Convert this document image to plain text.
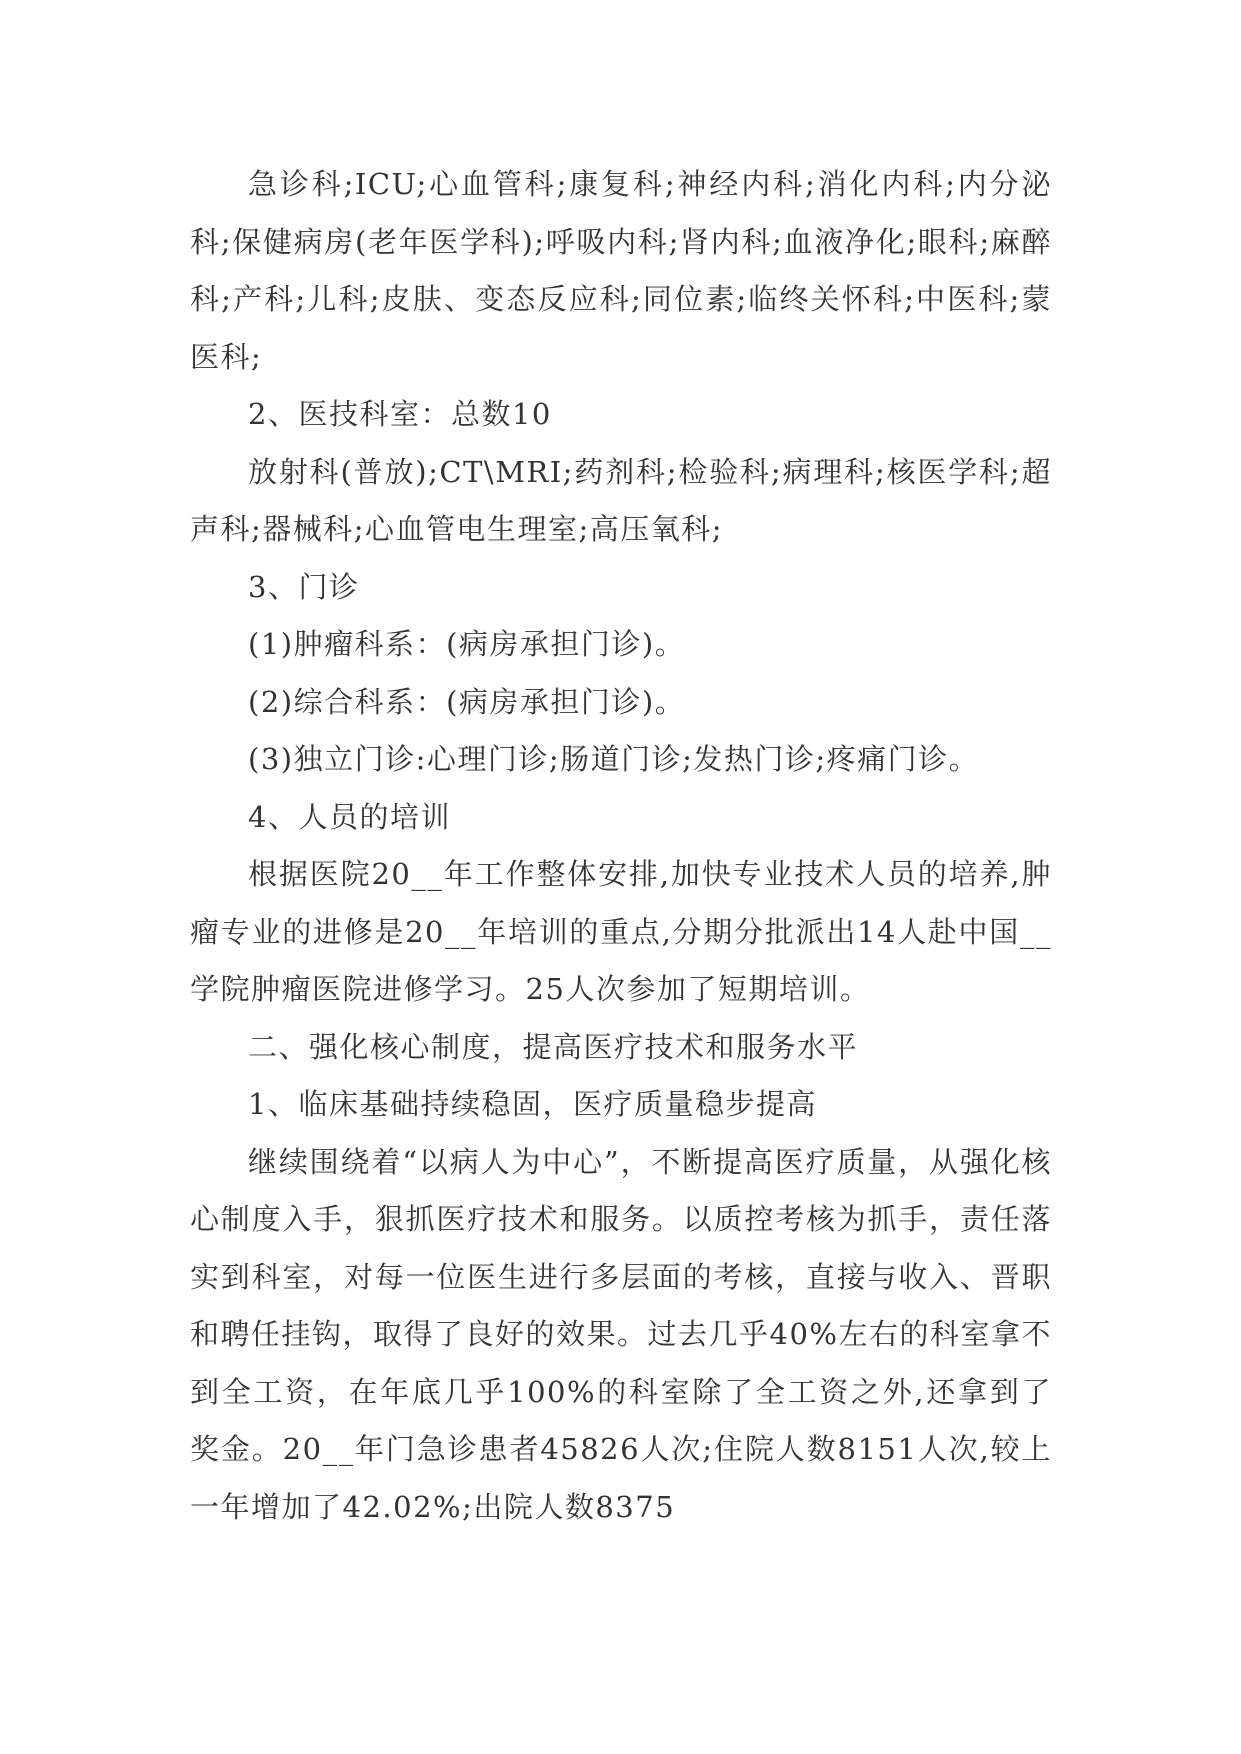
急诊科;ICU;心血管科;康复科;神经内科;消化内科;内分泌科;保健病房(老年医学科);呼吸内科;肾内科;血液净化;眼科;麻醉科;产科;儿科;皮肤、变态反应科;同位素;临终关怀科;中医科;蒙医科;

2、医技科室：总数10

放射科(普放);CT\MRI;药剂科;检验科;病理科;核医学科;超声科;器械科;心血管电生理室;高压氧科;

3、门诊

(1)肿瘤科系：(病房承担门诊)。

(2)综合科系：(病房承担门诊)。

(3)独立门诊:心理门诊;肠道门诊;发热门诊;疼痛门诊。

4、人员的培训

根据医院20__年工作整体安排,加快专业技术人员的培养,肿瘤专业的进修是20__年培训的重点,分期分批派出14人赴中国__学院肿瘤医院进修学习。25人次参加了短期培训。

二、强化核心制度，提高医疗技术和服务水平

1、临床基础持续稳固，医疗质量稳步提高

继续围绕着“以病人为中心”，不断提高医疗质量，从强化核心制度入手，狠抓医疗技术和服务。以质控考核为抓手，责任落实到科室，对每一位医生进行多层面的考核，直接与收入、晋职和聘任挂钩，取得了良好的效果。过去几乎40%左右的科室拿不到全工资，在年底几乎100%的科室除了全工资之外,还拿到了奖金。20__年门急诊患者45826人次;住院人数8151人次,较上一年增加了42.02%;出院人数8375
